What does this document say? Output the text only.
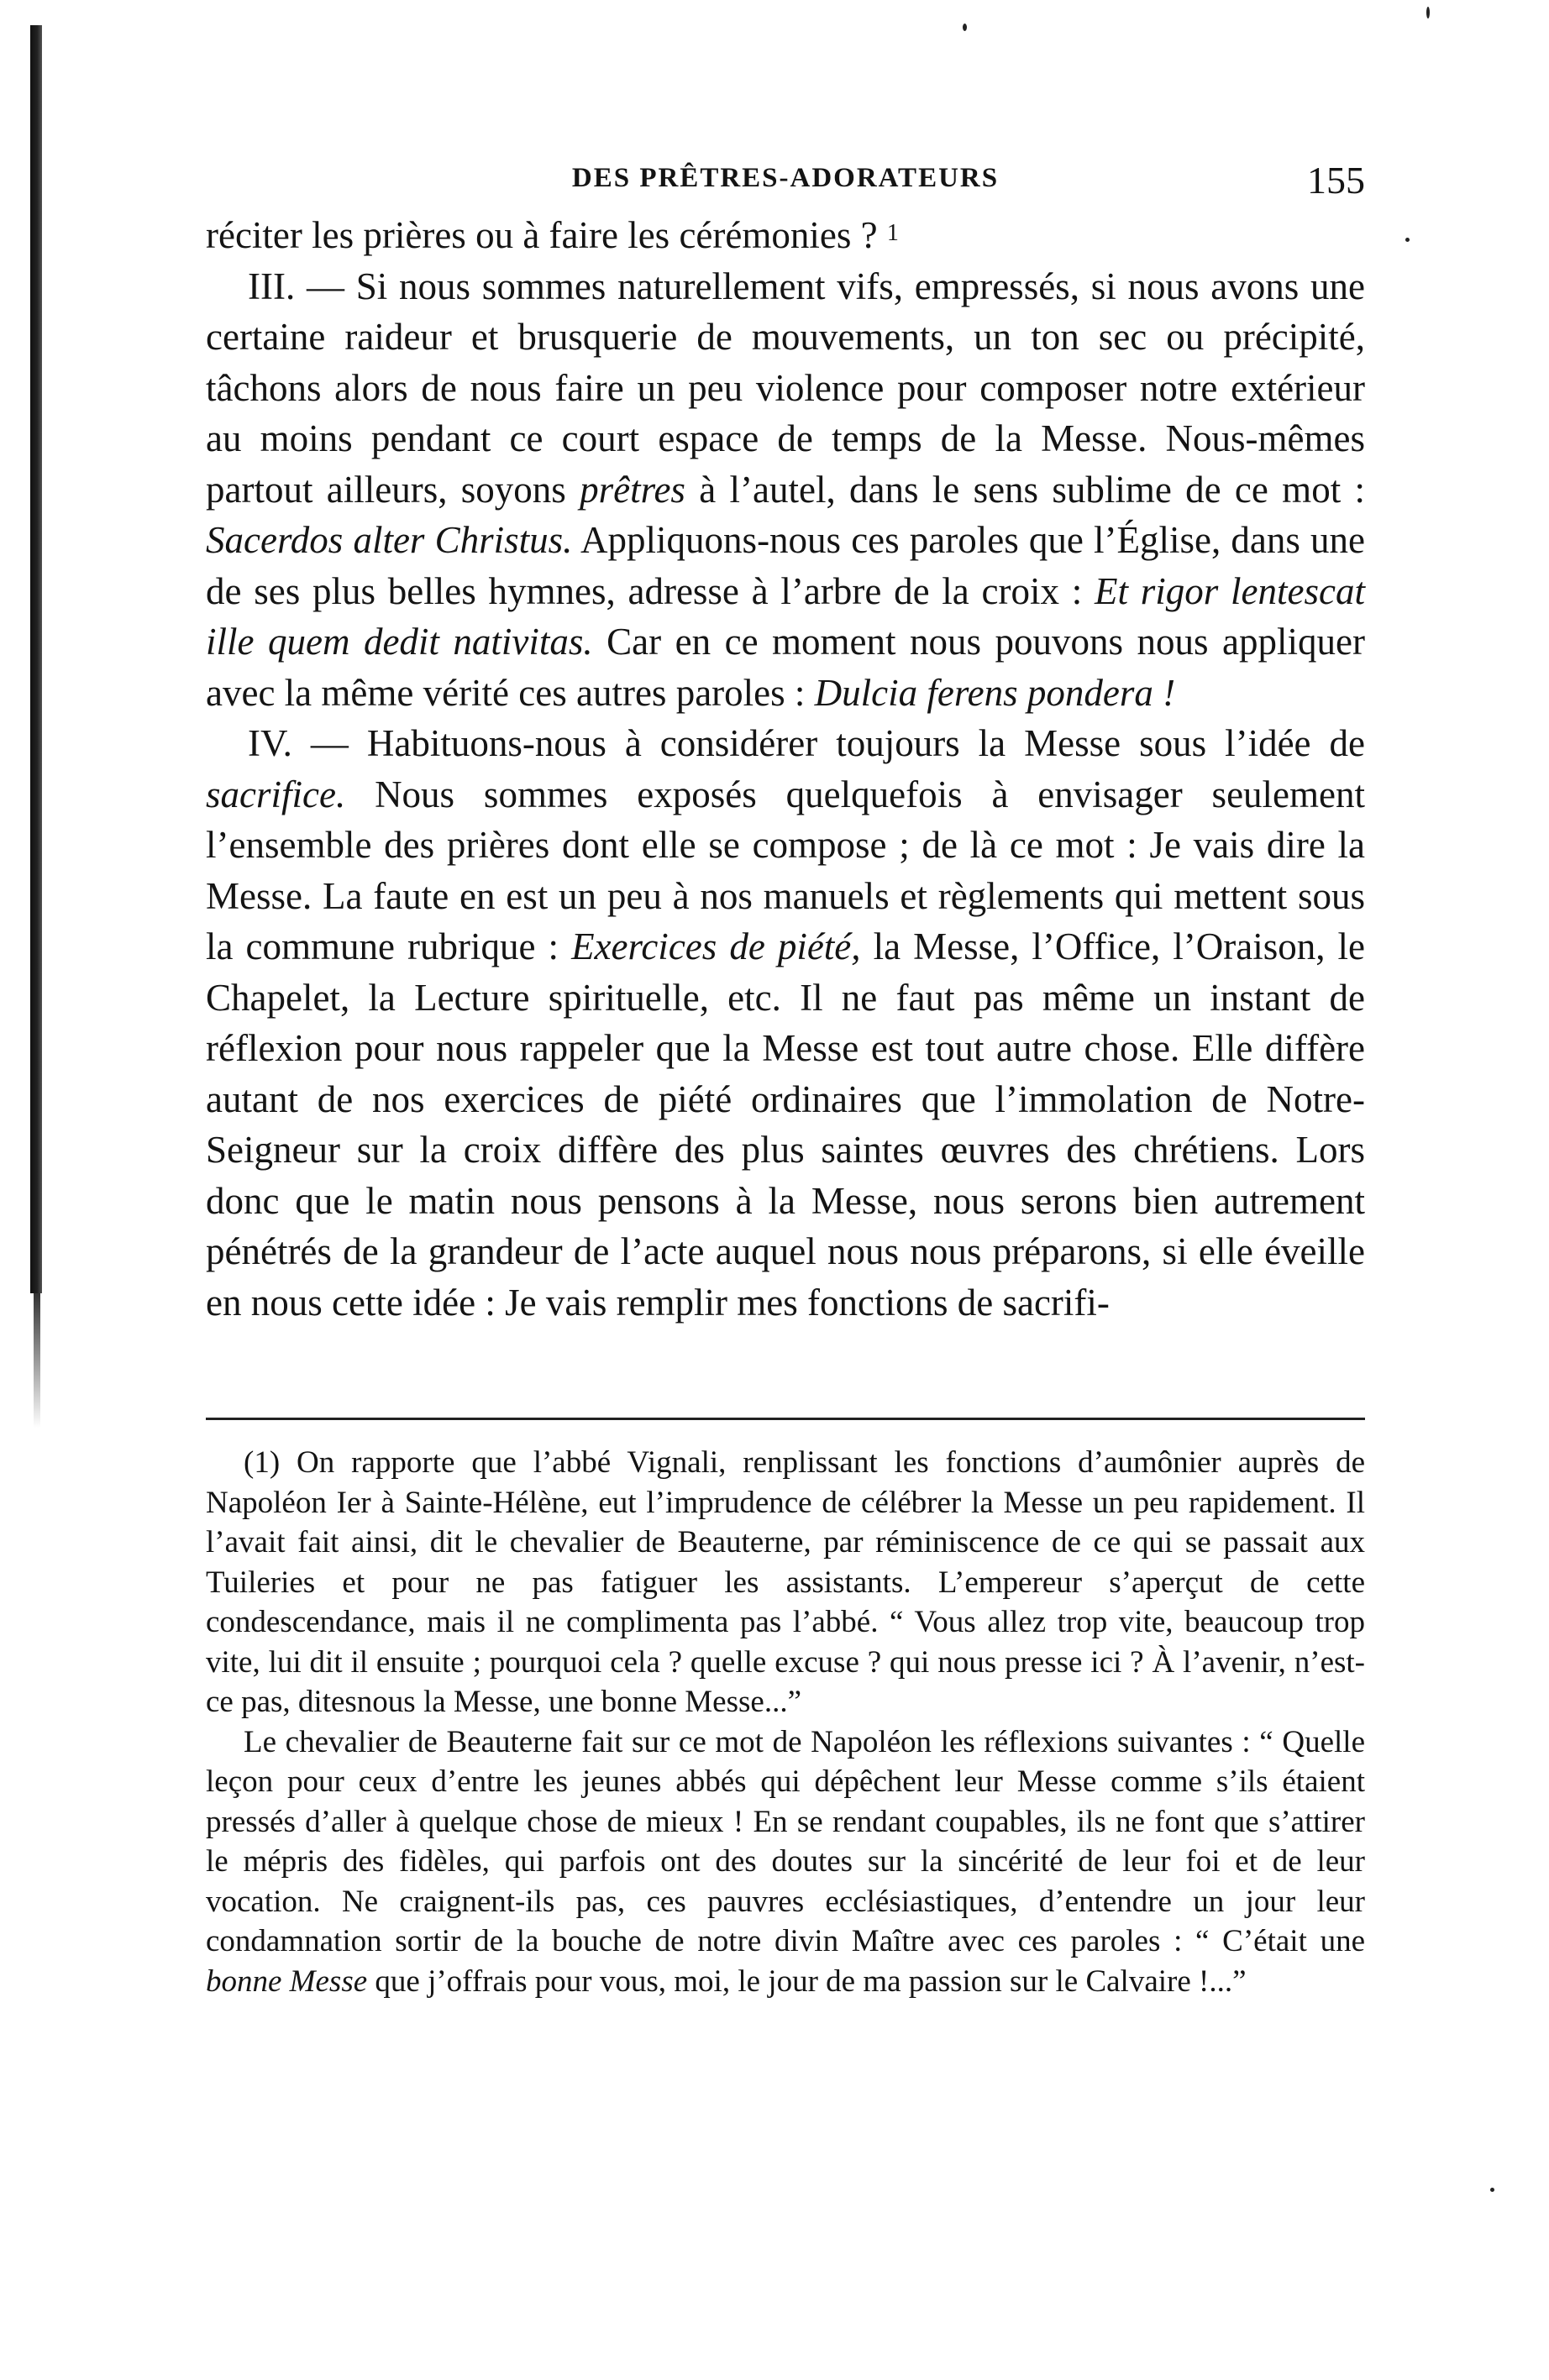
DES PRÊTRES-ADORATEURS	155

réciter les prières ou à faire les cérémonies ? $^1$

III. — Si nous sommes naturellement vifs, empressés, si nous avons une certaine raideur et brusquerie de mouvements, un ton sec ou précipité, tâchons alors de nous faire un peu violence pour composer notre extérieur au moins pendant ce court espace de temps de la Messe. Nous-mêmes partout ailleurs, soyons prêtres à l’autel, dans le sens sublime de ce mot : Sacerdos alter Christus. Appliquons-nous ces paroles que l’Église, dans une de ses plus belles hymnes, adresse à l’arbre de la croix : Et rigor lentescat ille quem dedit nativitas. Car en ce moment nous pouvons nous appliquer avec la même vérité ces autres paroles : Dulcia ferens pondera !

IV. — Habituons-nous à considérer toujours la Messe sous l’idée de sacrifice. Nous sommes exposés quelquefois à envisager seulement l’ensemble des prières dont elle se compose ; de là ce mot : Je vais dire la Messe. La faute en est un peu à nos manuels et règlements qui mettent sous la commune rubrique : Exercices de piété, la Messe, l’Office, l’Oraison, le Chapelet, la Lecture spirituelle, etc. Il ne faut pas même un instant de réflexion pour nous rappeler que la Messe est tout autre chose. Elle diffère autant de nos exercices de piété ordinaires que l’immolation de Notre-Seigneur sur la croix diffère des plus saintes œuvres des chrétiens. Lors donc que le matin nous pensons à la Messe, nous serons bien autrement pénétrés de la grandeur de l’acte auquel nous nous préparons, si elle éveille en nous cette idée : Je vais remplir mes fonctions de sacrifi-

(1) On rapporte que l’abbé Vignali, renplissant les fonctions d’aumônier auprès de Napoléon Ier à Sainte-Hélène, eut l’imprudence de célébrer la Messe un peu rapidement. Il l’avait fait ainsi, dit le chevalier de Beauterne, par réminiscence de ce qui se passait aux Tuileries et pour ne pas fatiguer les assistants. L’empereur s’aperçut de cette condescendance, mais il ne complimenta pas l’abbé. “ Vous allez trop vite, beaucoup trop vite, lui dit il ensuite ; pourquoi cela ? quelle excuse ? qui nous presse ici ? À l’avenir, n’est-ce pas, ditesnous la Messe, une bonne Messe...”

Le chevalier de Beauterne fait sur ce mot de Napoléon les réflexions suivantes : “ Quelle leçon pour ceux d’entre les jeunes abbés qui dépêchent leur Messe comme s’ils étaient pressés d’aller à quelque chose de mieux ! En se rendant coupables, ils ne font que s’attirer le mépris des fidèles, qui parfois ont des doutes sur la sincérité de leur foi et de leur vocation. Ne craignent-ils pas, ces pauvres ecclésiastiques, d’entendre un jour leur condamnation sortir de la bouche de notre divin Maître avec ces paroles : “ C’était une bonne Messe que j’offrais pour vous, moi, le jour de ma passion sur le Calvaire !...”
